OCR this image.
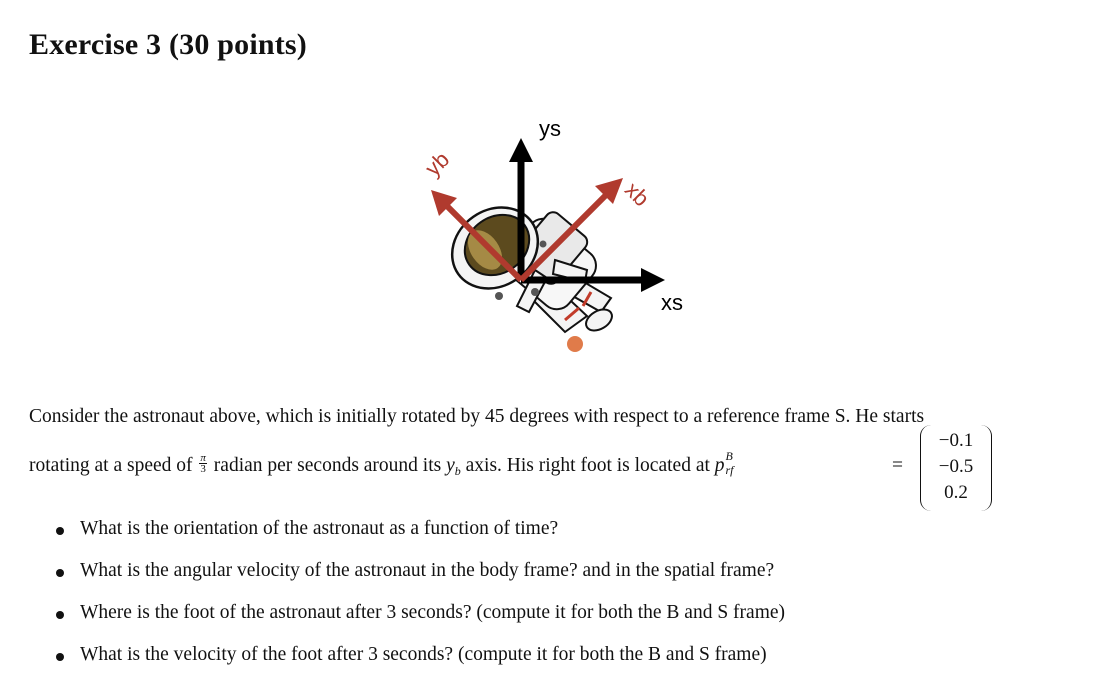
Exercise 3 (30 points)
ys
xs
yb
xb
Consider the astronaut above, which is initially rotated by 45 degrees with respect to a reference frame S. He starts
rotating at a speed of $\frac{\pi}{3}$ radian per seconds around its $y_b$ axis. His right foot is located at p B
rf	=
−0.1
−0.5
0.2
What is the orientation of the astronaut as a function of time?
What is the angular velocity of the astronaut in the body frame? and in the spatial frame?
Where is the foot of the astronaut after 3 seconds? (compute it for both the B and S frame)
What is the velocity of the foot after 3 seconds? (compute it for both the B and S frame)
